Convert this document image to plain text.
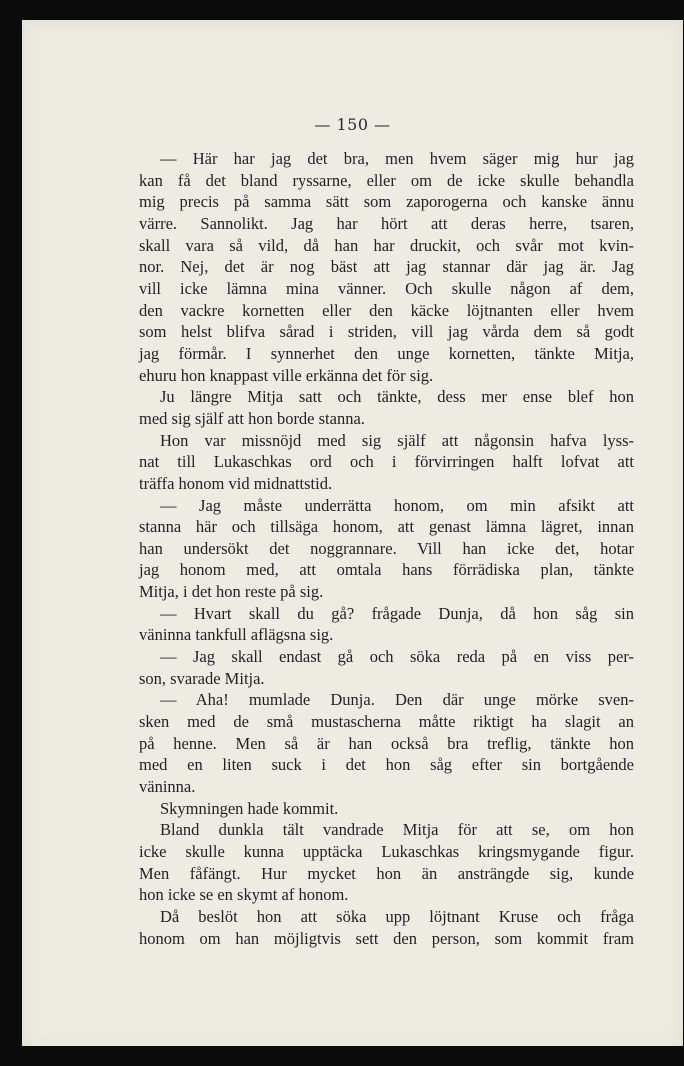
— 150 —
— Här har jag det bra, men hvem säger mig hur jag
kan få det bland ryssarne, eller om de icke skulle behandla
mig precis på samma sätt som zaporogerna och kanske ännu
värre. Sannolikt. Jag har hört att deras herre, tsaren,
skall vara så vild, då han har druckit, och svår mot kvin-
nor. Nej, det är nog bäst att jag stannar där jag är. Jag
vill icke lämna mina vänner. Och skulle någon af dem,
den vackre kornetten eller den käcke löjtnanten eller hvem
som helst blifva sårad i striden, vill jag vårda dem så godt
jag förmår. I synnerhet den unge kornetten, tänkte Mitja,
ehuru hon knappast ville erkänna det för sig.
Ju längre Mitja satt och tänkte, dess mer ense blef hon
med sig själf att hon borde stanna.
Hon var missnöjd med sig själf att någonsin hafva lyss-
nat till Lukaschkas ord och i förvirringen halft lofvat att
träffa honom vid midnattstid.
— Jag måste underrätta honom, om min afsikt att
stanna här och tillsäga honom, att genast lämna lägret, innan
han undersökt det noggrannare. Vill han icke det, hotar
jag honom med, att omtala hans förrädiska plan, tänkte
Mitja, i det hon reste på sig.
— Hvart skall du gå? frågade Dunja, då hon såg sin
väninna tankfull aflägsna sig.
— Jag skall endast gå och söka reda på en viss per-
son, svarade Mitja.
— Aha! mumlade Dunja. Den där unge mörke sven-
sken med de små mustascherna måtte riktigt ha slagit an
på henne. Men så är han också bra treflig, tänkte hon
med en liten suck i det hon såg efter sin bortgående
väninna.
Skymningen hade kommit.
Bland dunkla tält vandrade Mitja för att se, om hon
icke skulle kunna upptäcka Lukaschkas kringsmygande figur.
Men fåfängt. Hur mycket hon än ansträngde sig, kunde
hon icke se en skymt af honom.
Då beslöt hon att söka upp löjtnant Kruse och fråga
honom om han möjligtvis sett den person, som kommit fram
